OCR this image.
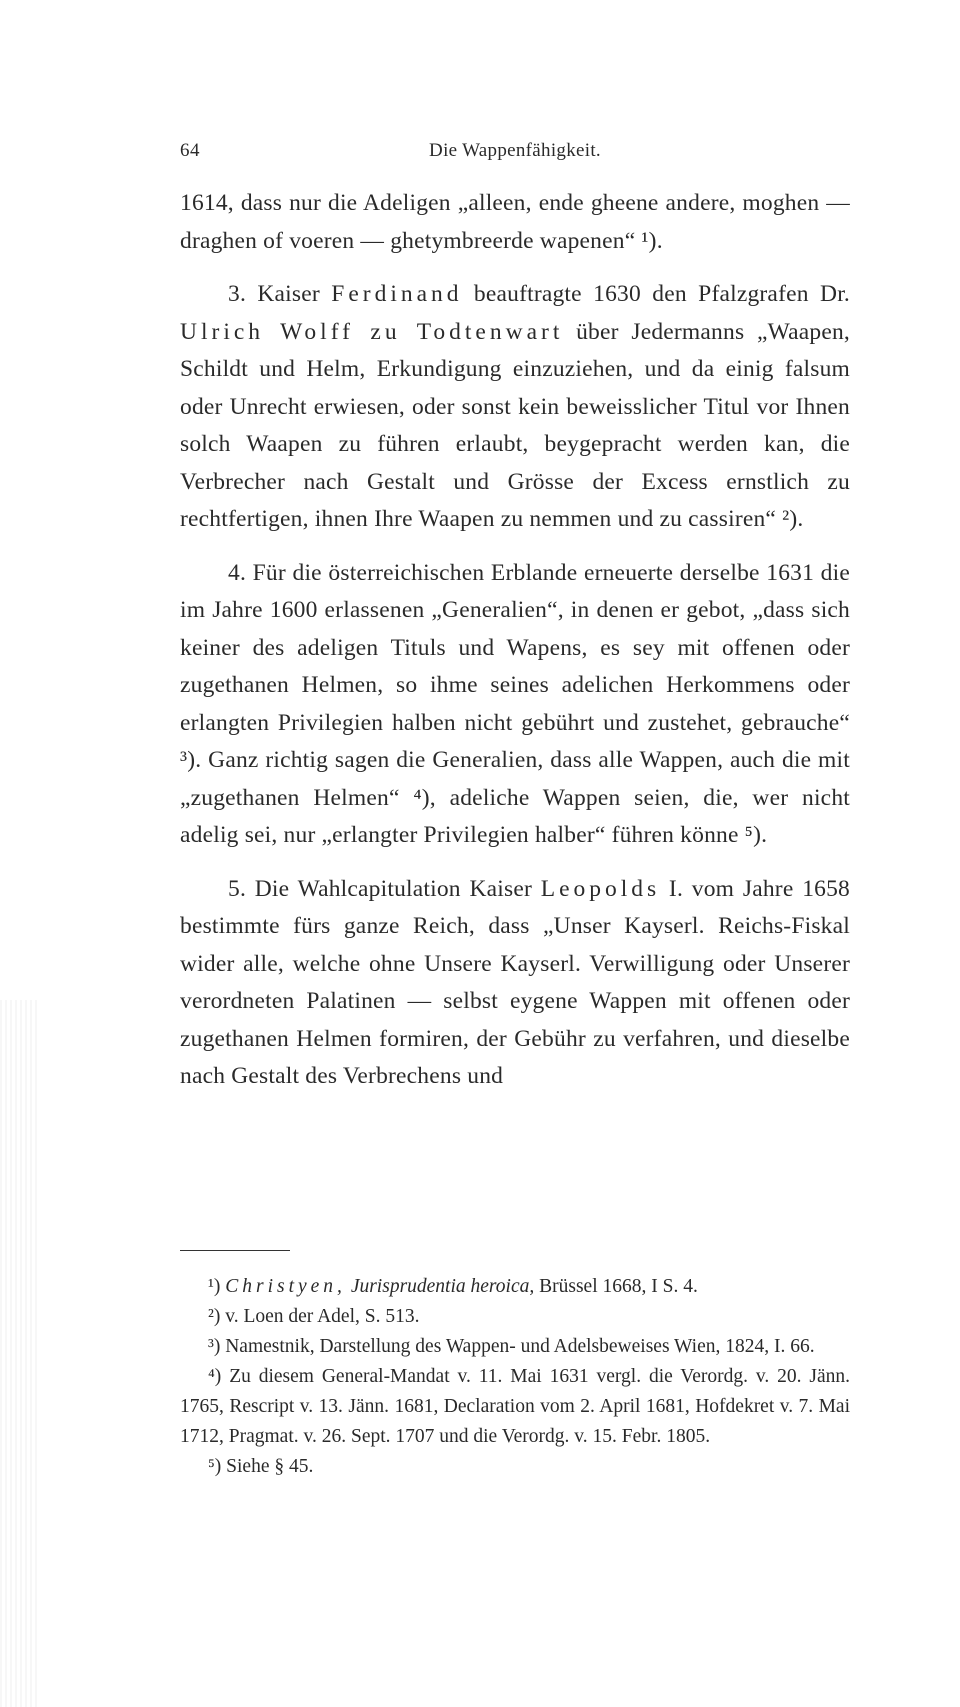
64	Die Wappenfähigkeit.

1614, dass nur die Adeligen „alleen, ende gheene andere, moghen — draghen of voeren — ghetymbreerde wapenen“ ¹).

3. Kaiser Ferdinand beauftragte 1630 den Pfalzgrafen Dr. Ulrich Wolff zu Todtenwart über Jedermanns „Waapen, Schildt und Helm, Erkundigung einzuziehen, und da einig falsum oder Unrecht erwiesen, oder sonst kein beweisslicher Titul vor Ihnen solch Waapen zu führen erlaubt, beygepracht werden kan, die Verbrecher nach Gestalt und Grösse der Excess ernstlich zu rechtfertigen, ihnen Ihre Waapen zu nemmen und zu cassiren“ ²).

4. Für die österreichischen Erblande erneuerte derselbe 1631 die im Jahre 1600 erlassenen „Generalien“, in denen er gebot, „dass sich keiner des adeligen Tituls und Wapens, es sey mit offenen oder zugethanen Helmen, so ihme seines adelichen Herkommens oder erlangten Privilegien halben nicht gebührt und zustehet, gebrauche“ ³). Ganz richtig sagen die Generalien, dass alle Wappen, auch die mit „zugethanen Helmen“ ⁴), adeliche Wappen seien, die, wer nicht adelig sei, nur „erlangter Privilegien halber“ führen könne ⁵).

5. Die Wahlcapitulation Kaiser Leopolds I. vom Jahre 1658 bestimmte fürs ganze Reich, dass „Unser Kayserl. Reichs-Fiskal wider alle, welche ohne Unsere Kayserl. Verwilligung oder Unserer verordneten Palatinen — selbst eygene Wappen mit offenen oder zugethanen Helmen formiren, der Gebühr zu verfahren, und dieselbe nach Gestalt des Verbrechens und

¹) Christyen, Jurisprudentia heroica, Brüssel 1668, I S. 4.

²) v. Loen der Adel, S. 513.

³) Namestnik, Darstellung des Wappen- und Adelsbeweises Wien, 1824, I. 66.

⁴) Zu diesem General-Mandat v. 11. Mai 1631 vergl. die Verordg. v. 20. Jänn. 1765, Rescript v. 13. Jänn. 1681, Declaration vom 2. April 1681, Hofdekret v. 7. Mai 1712, Pragmat. v. 26. Sept. 1707 und die Verordg. v. 15. Febr. 1805.

⁵) Siehe § 45.
